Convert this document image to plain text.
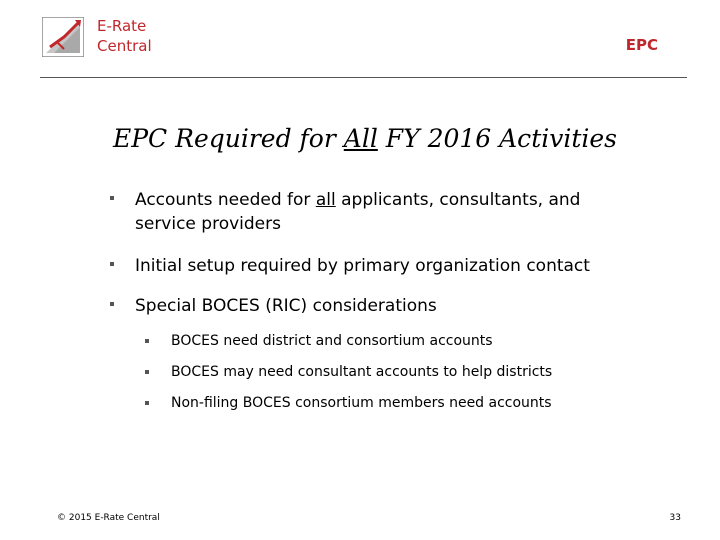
E-Rate
Central	EPC
EPC Required for All FY 2016 Activities
Accounts needed for all applicants, consultants, and
service providers
Initial setup required by primary organization contact
Special BOCES (RIC) considerations
BOCES need district and consortium accounts
BOCES may need consultant accounts to help districts
Non-filing BOCES consortium members need accounts
© 2015 E-Rate Central	33
